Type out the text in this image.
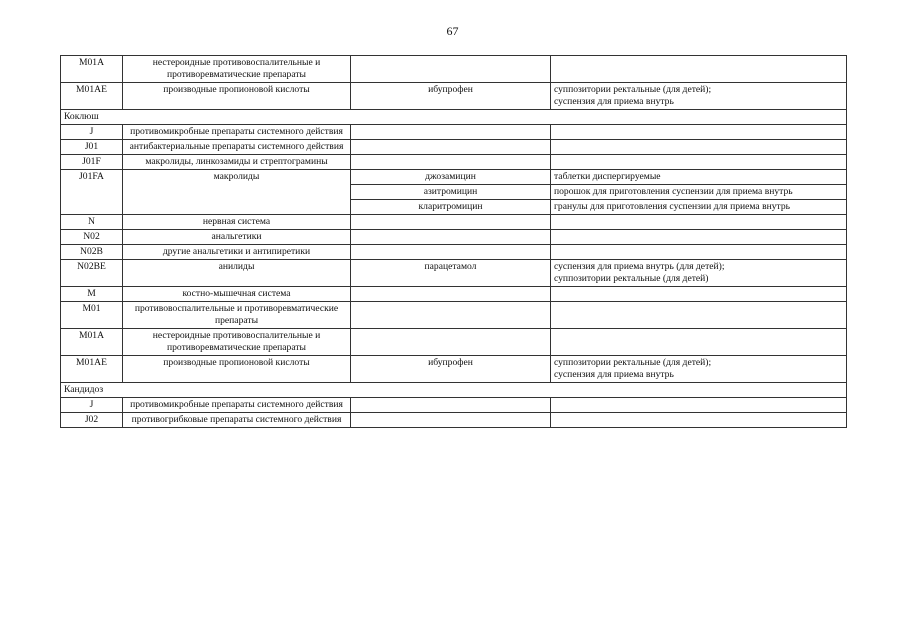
67
M01A	нестероидные противовоспалительные и противоревматические препараты		
M01AE	производные пропионовой кислоты	ибупрофен	суппозитории ректальные (для детей);
суспензия для приема внутрь

Коклюш			
J	противомикробные препараты системного действия		
J01	антибактериальные препараты системного действия		
J01F	макролиды, линкозамиды и стрептограмины		
J01FA	макролиды	джозамицин	таблетки диспергируемые
		азитромицин	порошок для приготовления суспензии для приема внутрь
		кларитромицин	гранулы для приготовления суспензии для приема внутрь
N	нервная система		
N02	анальгетики		
N02B	другие анальгетики и антипиретики		
N02BE	анилиды	парацетамол	суспензия для приема внутрь (для детей);
суппозитории ректальные (для детей)

M	костно-мышечная система		
M01	противовоспалительные и противоревматические препараты		
M01A	нестероидные противовоспалительные и противоревматические препараты		
M01AE	производные пропионовой кислоты	ибупрофен	суппозитории ректальные (для детей);
суспензия для приема внутрь

Кандидоз			
J	противомикробные препараты системного действия		
J02	противогрибковые препараты системного действия		
